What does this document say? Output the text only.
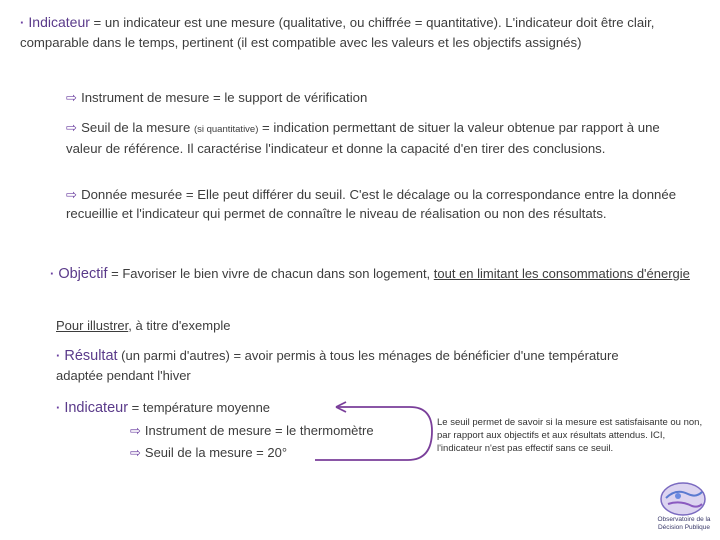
· Indicateur = un indicateur est une mesure (qualitative, ou chiffrée = quantitative). L'indicateur doit être clair, comparable dans le temps, pertinent (il est compatible avec les valeurs et les objectifs assignés)

⇨ Instrument de mesure = le support de vérification

⇨ Seuil de la mesure (si quantitative) = indication permettant de situer la valeur obtenue par rapport à une valeur de référence. Il caractérise l'indicateur et donne la capacité d'en tirer des conclusions.

⇨ Donnée mesurée = Elle peut différer du seuil. C'est le décalage ou la correspondance entre la donnée recueillie et l'indicateur qui permet de connaître le niveau de réalisation ou non des résultats.

· Objectif = Favoriser le bien vivre de chacun dans son logement, tout en limitant les consommations d'énergie

Pour illustrer, à titre d'exemple

· Résultat (un parmi d'autres) = avoir permis à tous les ménages de bénéficier d'une température adaptée pendant l'hiver

· Indicateur = température moyenne

⇨ Instrument de mesure = le thermomètre

⇨ Seuil de la mesure = 20°

Le seuil permet de savoir si la mesure est satisfaisante ou non, par rapport aux objectifs et aux résultats attendus. ICI, l'indicateur n'est pas effectif sans ce seuil.

Observatoire de la Décision Publique
